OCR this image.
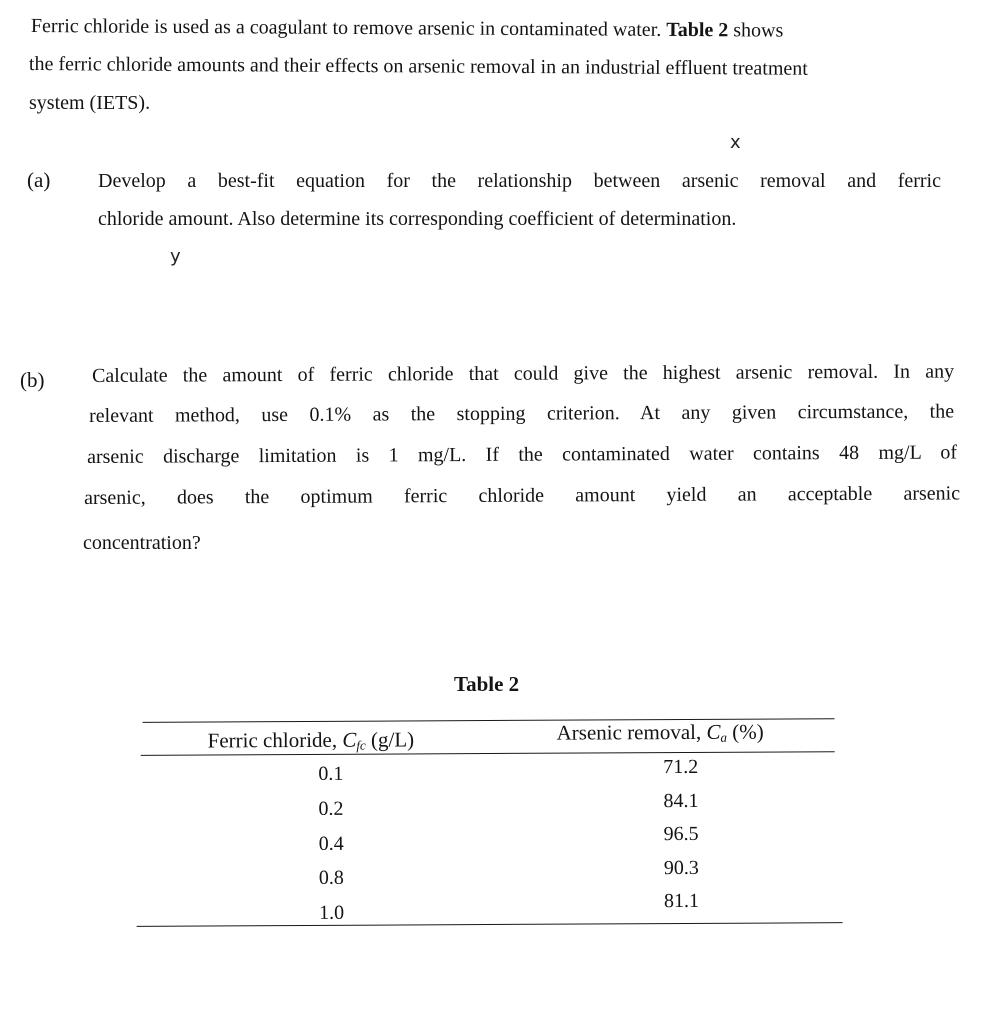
Ferric chloride is used as a coagulant to remove arsenic in contaminated water. Table 2 shows
the ferric chloride amounts and their effects on arsenic removal in an industrial effluent treatment
system (IETS).
x
y
(a) Develop a best-fit equation for the relationship between arsenic removal and ferric
chloride amount. Also determine its corresponding coefficient of determination.
(b) Calculate the amount of ferric chloride that could give the highest arsenic removal. In any
relevant method, use 0.1% as the stopping criterion. At any given circumstance, the
arsenic discharge limitation is 1 mg/L. If the contaminated water contains 48 mg/L of
arsenic, does the optimum ferric chloride amount yield an acceptable arsenic
concentration?
Table 2
Ferric chloride, $C_{fc}$ (g/L)	Arsenic removal, $C_a$ (%)
0.1
0.2
0.4
0.8
1.0
71.2
84.1
96.5
90.3
81.1
